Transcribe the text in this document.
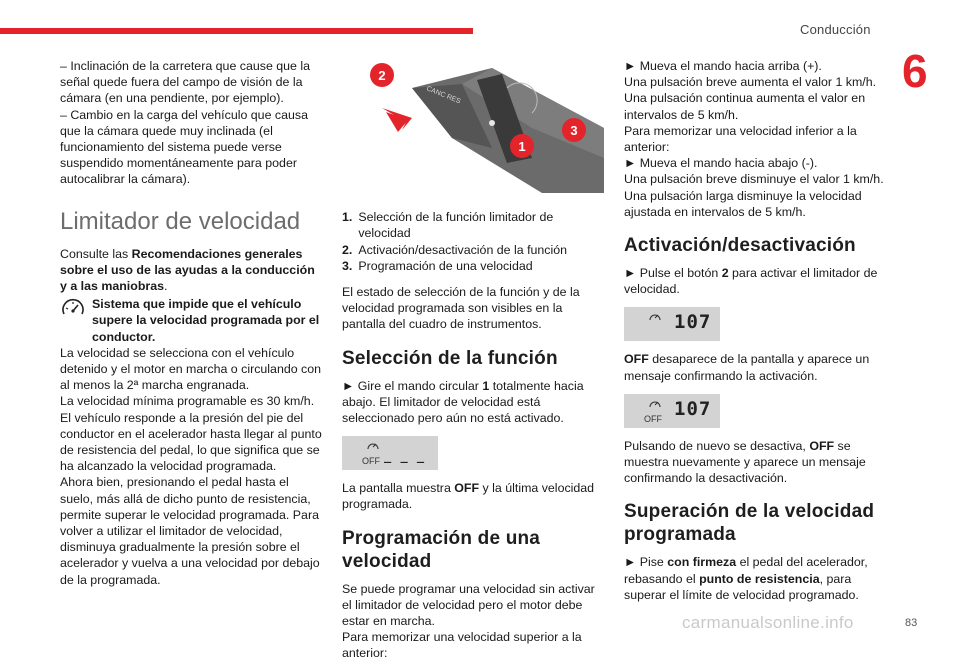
Conducción
6

– Inclinación de la carretera que cause que la señal quede fuera del campo de visión de la cámara (en una pendiente, por ejemplo).

– Cambio en la carga del vehículo que causa que la cámara quede muy inclinada (el funcionamiento del sistema puede verse suspendido momentáneamente para poder autocalibrar la cámara).

Limitador de velocidad

Consulte las Recomendaciones generales sobre el uso de las ayudas a la conducción y a las maniobras.

Sistema que impide que el vehículo supere la velocidad programada por el conductor.

La velocidad se selecciona con el vehículo detenido y el motor en marcha o circulando con al menos la 2ª marcha engranada.

La velocidad mínima programable es 30 km/h.

El vehículo responde a la presión del pie del conductor en el acelerador hasta llegar al punto de resistencia del pedal, lo que significa que se ha alcanzado la velocidad programada.

Ahora bien, presionando el pedal hasta el suelo, más allá de dicho punto de resistencia, permite superar le velocidad programada. Para volver a utilizar el limitador de velocidad, disminuya gradualmente la presión sobre el acelerador y vuelva a una velocidad por debajo de la programada.

CANC RES
2
1
3
1. Selección de la función limitador de velocidad
2. Activación/desactivación de la función
3. Programación de una velocidad

El estado de selección de la función y de la velocidad programada son visibles en la pantalla del cuadro de instrumentos.

Selección de la función

► Gire el mando circular 1 totalmente hacia abajo. El limitador de velocidad está seleccionado pero aún no está activado.

OFF _ _ _

La pantalla muestra OFF y la última velocidad programada.

Programación de una velocidad

Se puede programar una velocidad sin activar el limitador de velocidad pero el motor debe estar en marcha.

Para memorizar una velocidad superior a la anterior:

► Mueva el mando hacia arriba (+).

Una pulsación breve aumenta el valor 1 km/h.

Una pulsación continua aumenta el valor en intervalos de 5 km/h.

Para memorizar una velocidad inferior a la anterior:

► Mueva el mando hacia abajo (-).

Una pulsación breve disminuye el valor 1 km/h.

Una pulsación larga disminuye la velocidad ajustada en intervalos de 5 km/h.

Activación/desactivación

► Pulse el botón 2 para activar el limitador de velocidad.

107

OFF desaparece de la pantalla y aparece un mensaje confirmando la activación.

OFF 107

Pulsando de nuevo se desactiva, OFF se muestra nuevamente y aparece un mensaje confirmando la desactivación.

Superación de la velocidad programada

► Pise con firmeza el pedal del acelerador, rebasando el punto de resistencia, para superar el límite de velocidad programado.

carmanualsonline.info	83
